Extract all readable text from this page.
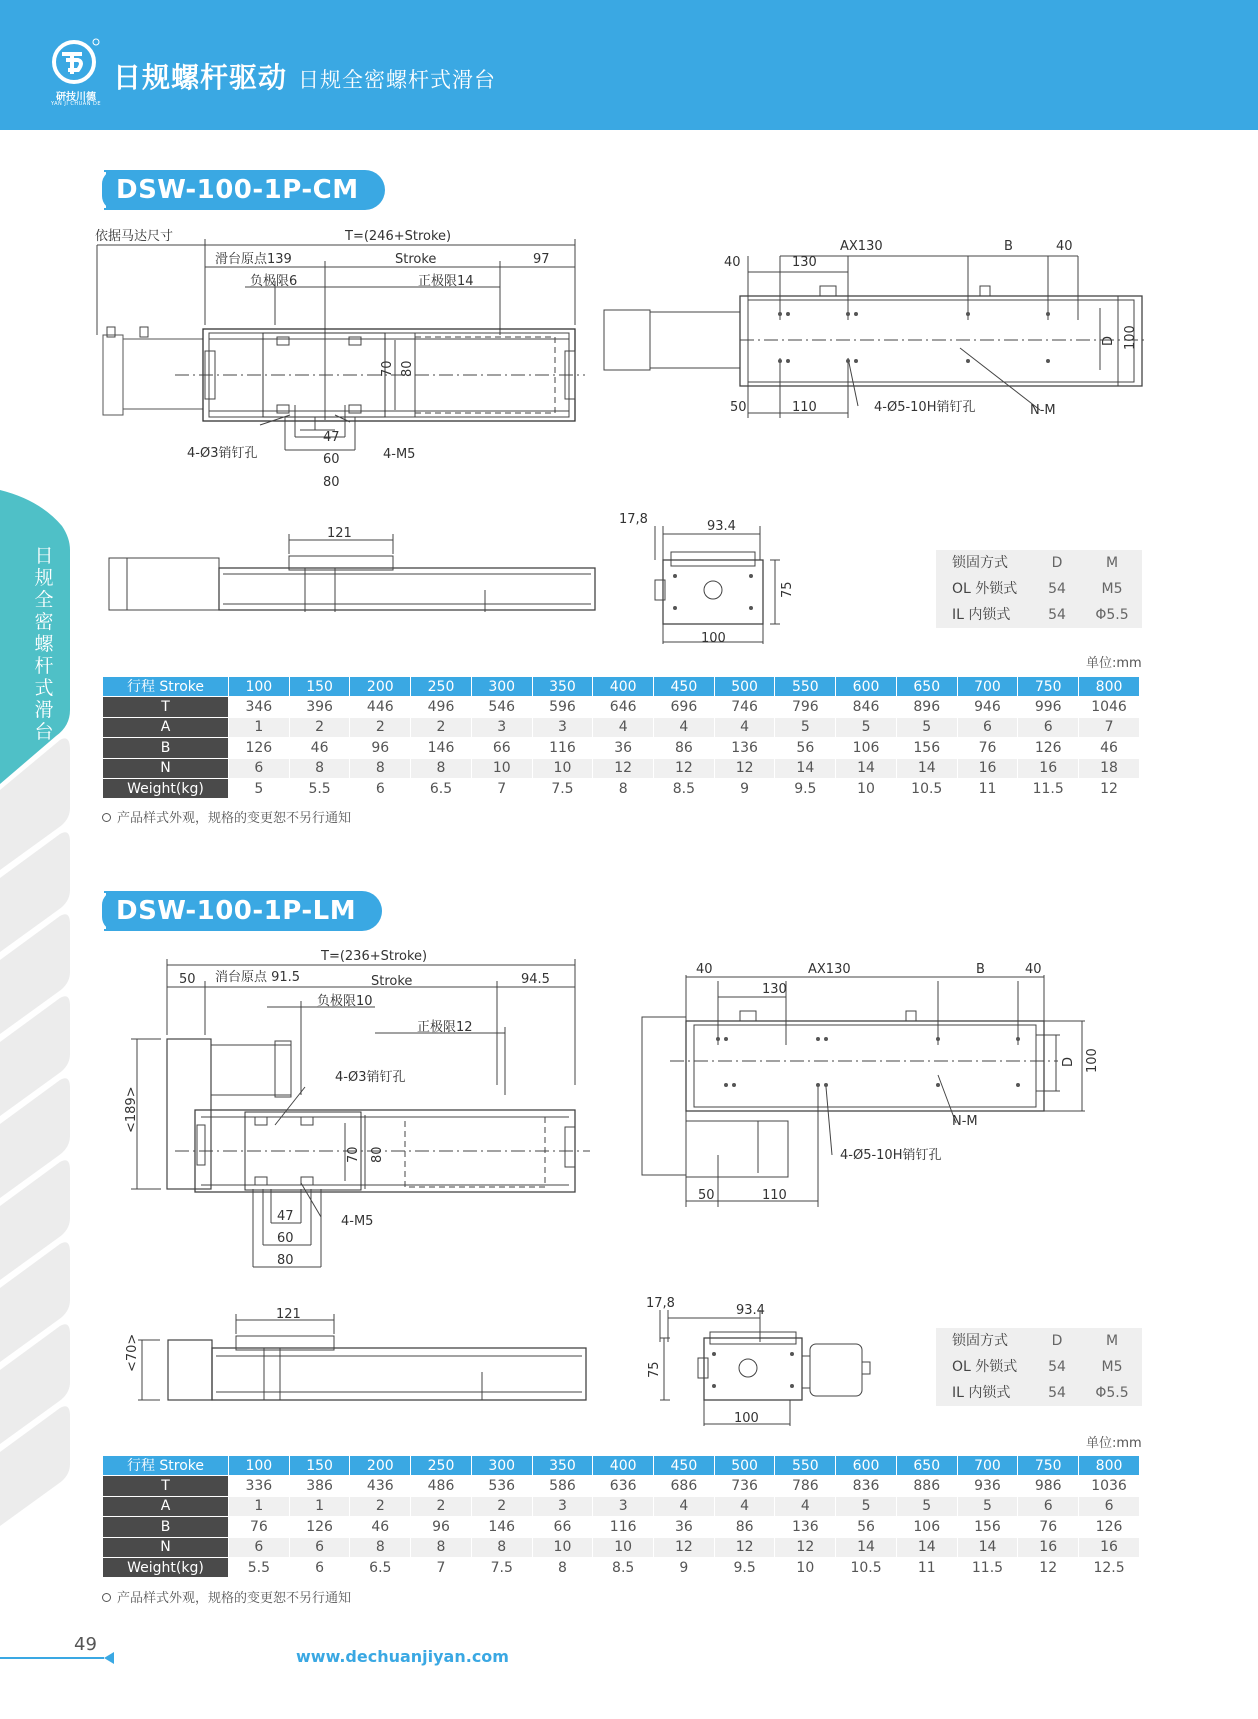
研技川德
YAN JI CHUAN DE
日规螺杆驱动 日规全密螺杆式滑台
日规全密螺杆式滑台
DSW-100-1P-CM
依据马达尺寸	T=(246+Stroke)
滑台原点139	Stroke	97
负极限6	正极限14
4-Ø3销钉孔	4-M5
47
60
80
70 80
AX130	B	40
40	130
50	110	4-Ø5-10H销钉孔	N-M
D 100
121
17,8	93.4
75
100
锁固方式	D	M
OL 外锁式	54	M5
IL 内锁式	54	Φ5.5
单位:mm
行程 Stroke	100	150	200	250	300	350	400	450	500	550	600	650	700	750	800
T	346	396	446	496	546	596	646	696	746	796	846	896	946	996	1046
A	1	2	2	2	3	3	4	4	4	5	5	5	6	6	7
B	126	46	96	146	66	116	36	86	136	56	106	156	76	126	46
N	6	8	8	8	10	10	12	12	12	14	14	14	16	16	18
Weight(kg)	5	5.5	6	6.5	7	7.5	8	8.5	9	9.5	10	10.5	11	11.5	12
产品样式外观，规格的变更恕不另行通知
DSW-100-1P-LM
T=(236+Stroke)
50 消台原点 91.5	Stroke	94.5
负极限10
正极限12
4-Ø3销钉孔
4-M5
<189>
70 80
47
60
80
40	AX130	B	40
130
D 100
N-M
4-Ø5-10H销钉孔
50	110
121
<70>
17,8	93.4
75
100
锁固方式	D	M
OL 外锁式	54	M5
IL 内锁式	54	Φ5.5
单位:mm
行程 Stroke	100	150	200	250	300	350	400	450	500	550	600	650	700	750	800
T	336	386	436	486	536	586	636	686	736	786	836	886	936	986	1036
A	1	1	2	2	2	3	3	4	4	4	5	5	5	6	6
B	76	126	46	96	146	66	116	36	86	136	56	106	156	76	126
N	6	6	8	8	8	10	10	12	12	12	14	14	14	16	16
Weight(kg)	5.5	6	6.5	7	7.5	8	8.5	9	9.5	10	10.5	11	11.5	12	12.5
产品样式外观，规格的变更恕不另行通知
49
www.dechuanjiyan.com
